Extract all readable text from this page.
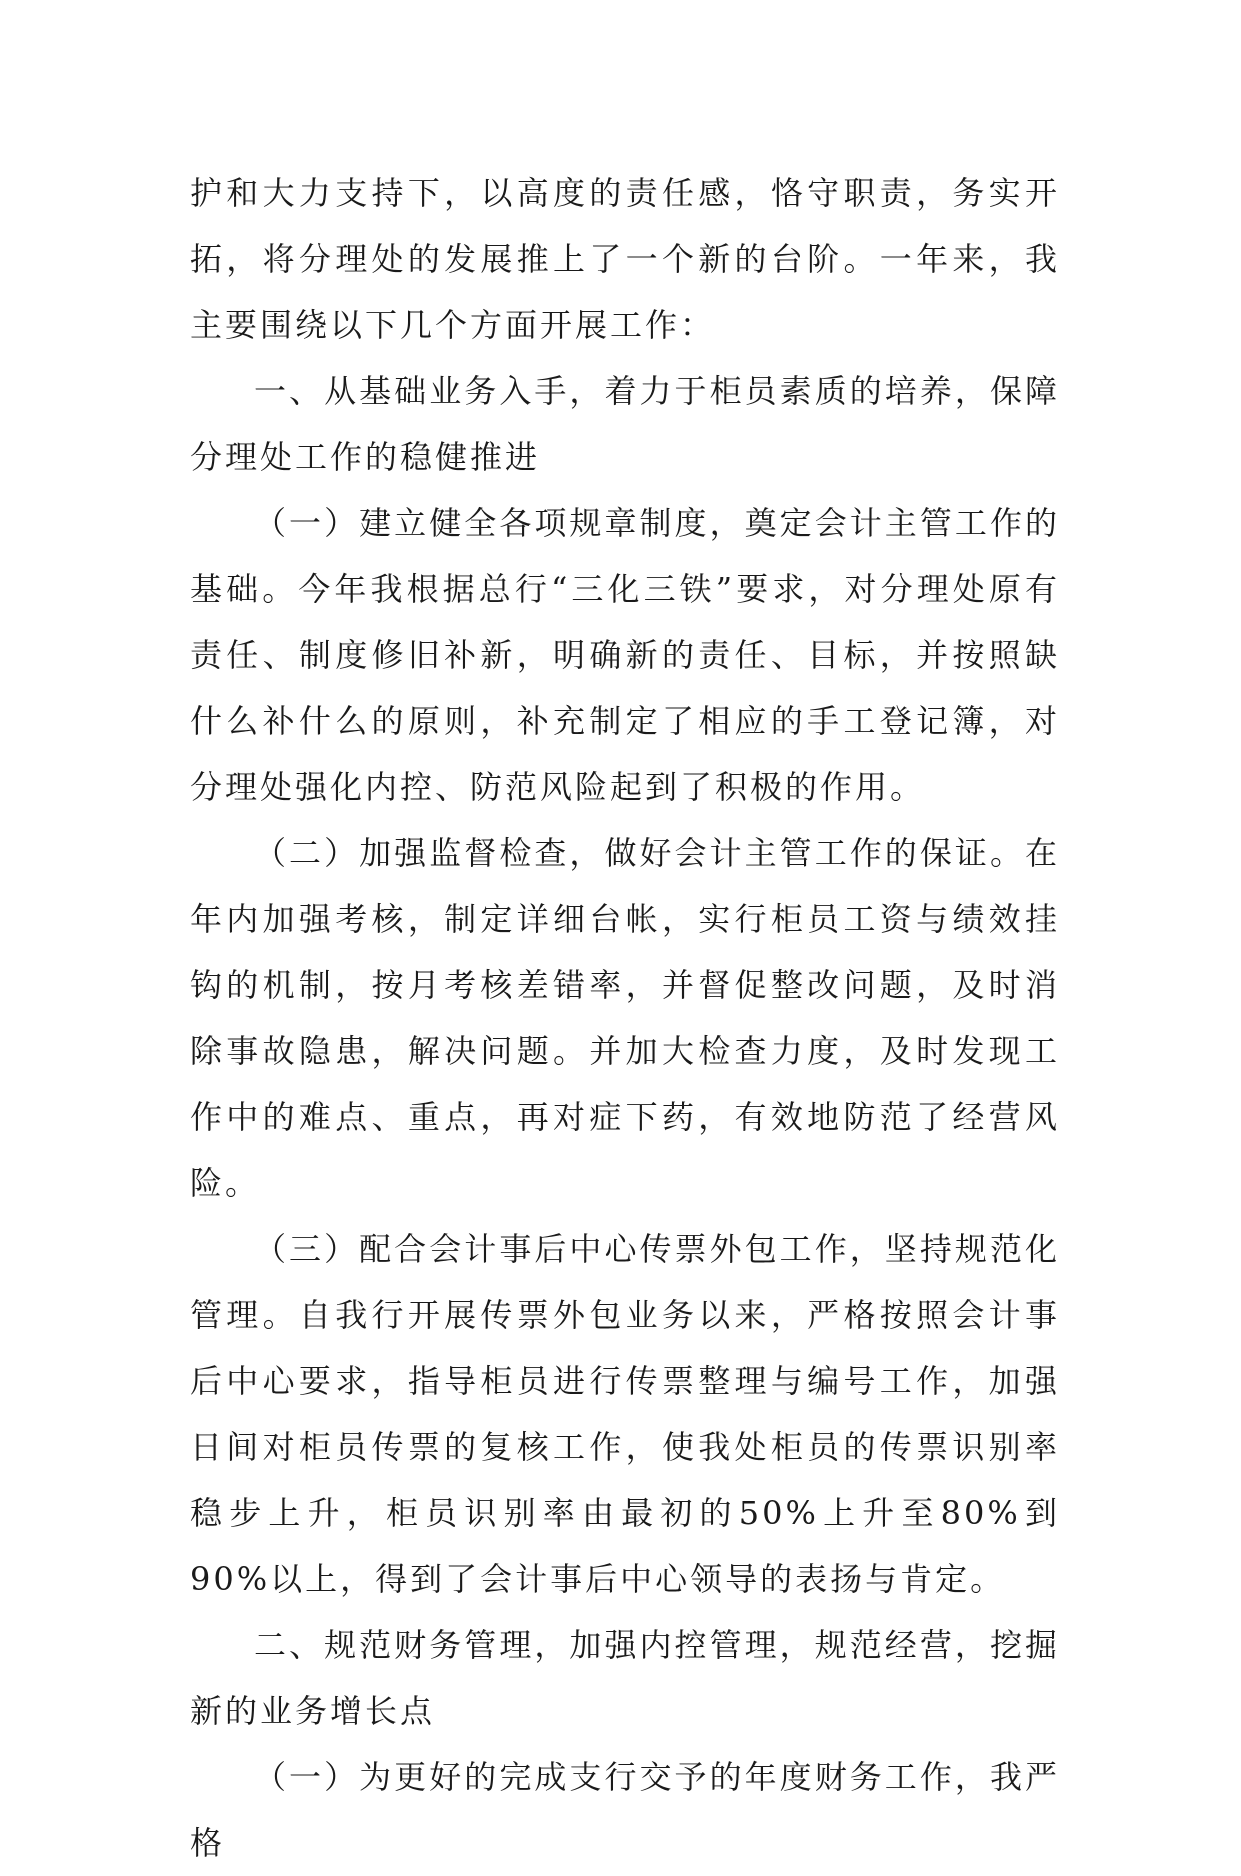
护和大力支持下，以高度的责任感，恪守职责，务实开拓，将分理处的发展推上了一个新的台阶。一年来，我主要围绕以下几个方面开展工作：

一、从基础业务入手，着力于柜员素质的培养，保障分理处工作的稳健推进

（一）建立健全各项规章制度，奠定会计主管工作的基础。今年我根据总行“三化三铁”要求，对分理处原有责任、制度修旧补新，明确新的责任、目标，并按照缺什么补什么的原则，补充制定了相应的手工登记簿，对分理处强化内控、防范风险起到了积极的作用。

（二）加强监督检查，做好会计主管工作的保证。在年内加强考核，制定详细台帐，实行柜员工资与绩效挂钩的机制，按月考核差错率，并督促整改问题，及时消除事故隐患，解决问题。并加大检查力度，及时发现工作中的难点、重点，再对症下药，有效地防范了经营风险。

（三）配合会计事后中心传票外包工作，坚持规范化管理。自我行开展传票外包业务以来，严格按照会计事后中心要求，指导柜员进行传票整理与编号工作，加强日间对柜员传票的复核工作，使我处柜员的传票识别率稳步上升，柜员识别率由最初的50%上升至80%到90%以上，得到了会计事后中心领导的表扬与肯定。

二、规范财务管理，加强内控管理，规范经营，挖掘新的业务增长点

（一）为更好的完成支行交予的年度财务工作，我严格
